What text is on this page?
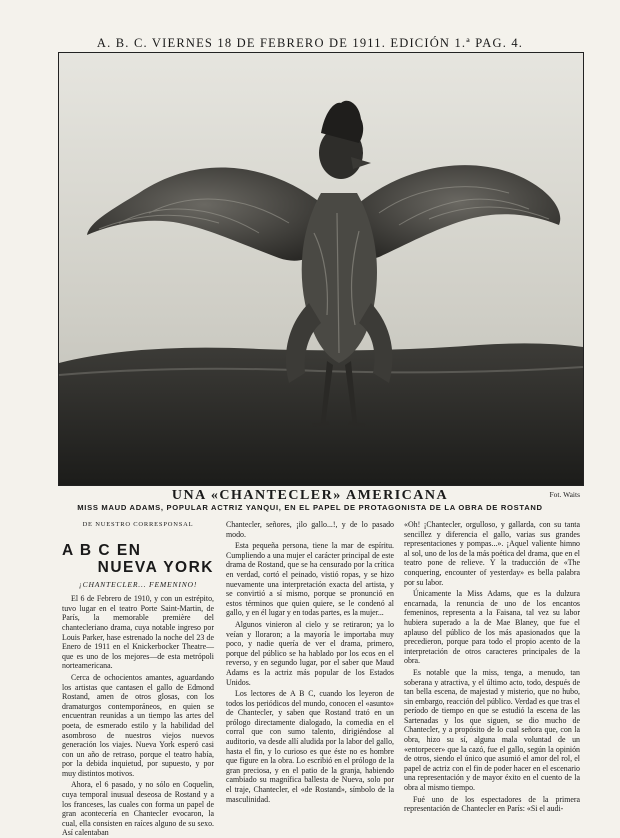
A. B. C. VIERNES 18 DE FEBRERO DE 1911. EDICIÓN 1.ª PAG. 4.
UNA «CHANTECLER» AMERICANA	Fot. Waits
MISS MAUD ADAMS, POPULAR ACTRIZ YANQUI, EN EL PAPEL DE PROTAGONISTA DE LA OBRA DE ROSTAND
DE NUESTRO CORRESPONSAL
A B C EN
NUEVA YORK
¡CHANTECLER... FEMENINO!

El 6 de Febrero de 1910, y con un estrépito, tuvo lugar en el teatro Porte Saint-Martin, de París, la memorable première del chantecleriano drama, cuya notable ingreso por Louis Parker, hase estrenado la noche del 23 de Enero de 1911 en el Knickerbocker Theatre—que es uno de los mejores—de esta metrópoli norteamericana.

Cerca de ochocientos amantes, aguardando los artistas que cantasen el gallo de Edmond Rostand, amen de otros glosas, con los dramaturgos contemporáneos, en quien se encuentran reunidas a un tiempo las artes del poeta, de esmerado estilo y la habilidad del asombroso de nuestros viejos nuevos generación los viajes. Nueva York esperó casi con un año de retraso, porque el teatro había, por la debida inquietud, por supuesto, y por muy distintos motivos.

Ahora, el 6 pasado, y no sólo en Coquelin, cuya temporal inusual deseosa de Rostand y a los franceses, las cuales con forma un papel de gran acontecería en Chantecler evocaron, la cual, ella consisten en raíces alguno de su sexo. Así calentaban

Chantecler, señores, ¡ilo gallo...!, y de lo pasado modo.

Esta pequeña persona, tiene la mar de espíritu. Cumpliendo a una mujer el carácter principal de este drama de Rostand, que se ha censurado por la crítica en verdad, cortó el peinado, vistió ropas, y se hizo nuevamente una interpretación exacta del artista, y se convirtió a sí mismo, porque se pronunció en estos términos que quien quiere, se le condenó al gallo, y en él lugar y en todas partes, es la mujer...

Algunos vinieron al cielo y se retiraron; ya lo veían y lloraron; a la mayoría le importaba muy poco, y nadie quería de ver el drama, primero, porque del público se ha hablado por los ecos en el reverso, y en segundo lugar, por el saber que Maud Adams es la actriz más popular de los Estados Unidos.

Los lectores de A B C, cuando los leyeron de todos los periódicos del mundo, conocen el «asunto» de Chantecler, y saben que Rostand trató en un prólogo directamente dialogado, la comedia en el corral que con sumo talento, dirigiéndose al auditorio, va desde allí aludida por la labor del gallo, hasta el fin, y lo curioso es que éste no es hombre que figure en la obra. Lo escribió en el prólogo de la gran preciosa, y en el patio de la granja, habiendo cambiado su magnífica ballesta de Nueva, solo por el traje, Chantecler, el «de Rostand», símbolo de la masculinidad.

«Oh! ¡Chantecler, orgulloso, y gallarda, con su tanta sencillez y diferencia el gallo, varias sus grandes representaciones y pompas...». ¡Aquel valiente himno al sol, uno de los de la más poética del drama, que en el teatro pone de relieve. Y la traducción de «The conquering, encounter of yesterday» es bella palabra por su labor.

Únicamente la Miss Adams, que es la dulzura encarnada, la renuncia de uno de los encantos femeninos, representa a la Faisana, tal vez su labor hubiera superado a la de Mae Blaney, que fue el aplauso del público de los más apasionados que la precedieron, porque para todo el propio acento de la interpretación de otros caracteres principales de la obra.

Es notable que la miss, tenga, a menudo, tan soberana y atractiva, y el último acto, todo, después de tan bella escena, de majestad y misterio, que no hubo, sin embargo, reacción del público. Verdad es que tras el período de tiempo en que se estudió la escena de las Sartenadas y los que siguen, se dio mucho de Chantecler, y a propósito de lo cual señora que, con la obra, hizo su sí, alguna mala voluntad de un «entorpecer» que la cazó, fue el gallo, según la opinión de otros, siendo el único que asumió el amor del rol, el papel de actriz con el fin de poder hacer en el escenario una representación y de mayor éxito en el cuento de la obra al mismo tiempo.

Fué uno de los espectadores de la primera representación de Chantecler en París: «Si el audi-
